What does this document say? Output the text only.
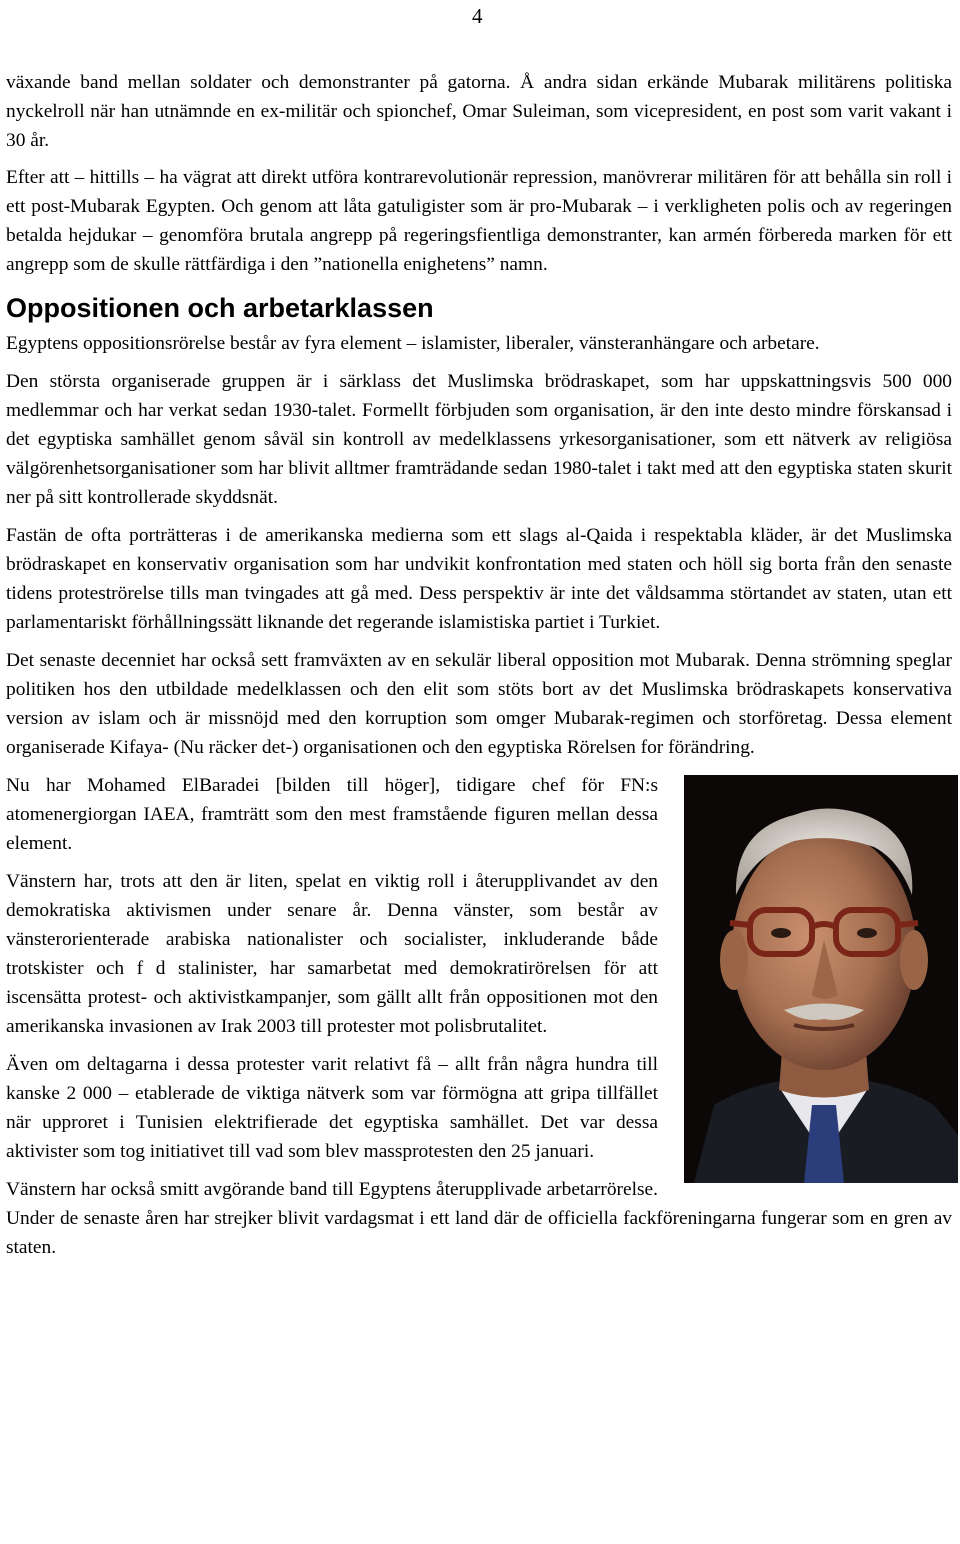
4

växande band mellan soldater och demonstranter på gatorna. Å andra sidan erkände Mubarak militärens politiska nyckelroll när han utnämnde en ex-militär och spionchef, Omar Suleiman, som vicepresident, en post som varit vakant i 30 år.

Efter att – hittills – ha vägrat att direkt utföra kontrarevolutionär repression, manövrerar militären för att behålla sin roll i ett post-Mubarak Egypten. Och genom att låta gatuligister som är pro-Mubarak – i verkligheten polis och av regeringen betalda hejdukar – genomföra brutala angrepp på regeringsfientliga demonstranter, kan armén förbereda marken för ett angrepp som de skulle rättfärdiga i den ”nationella enighetens” namn.

Oppositionen och arbetarklassen

Egyptens oppositionsrörelse består av fyra element – islamister, liberaler, vänsteranhängare och arbetare.

Den största organiserade gruppen är i särklass det Muslimska brödraskapet, som har uppskattningsvis 500 000 medlemmar och har verkat sedan 1930-talet. Formellt förbjuden som organisation, är den inte desto mindre förskansad i det egyptiska samhället genom såväl sin kontroll av medelklassens yrkesorganisationer, som ett nätverk av religiösa välgörenhetsorganisationer som har blivit alltmer framträdande sedan 1980-talet i takt med att den egyptiska staten skurit ner på sitt kontrollerade skyddsnät.

Fastän de ofta porträtteras i de amerikanska medierna som ett slags al-Qaida i respektabla kläder, är det Muslimska brödraskapet en konservativ organisation som har undvikit konfrontation med staten och höll sig borta från den senaste tidens proteströrelse tills man tvingades att gå med. Dess perspektiv är inte det våldsamma störtandet av staten, utan ett parlamentariskt förhållningssätt liknande det regerande islamistiska partiet i Turkiet.

Det senaste decenniet har också sett framväxten av en sekulär liberal opposition mot Mubarak. Denna strömning speglar politiken hos den utbildade medelklassen och den elit som stöts bort av det Muslimska brödraskapets konservativa version av islam och är missnöjd med den korruption som omger Mubarak-regimen och storföretag. Dessa element organiserade Kifaya- (Nu räcker det-) organisationen och den egyptiska Rörelsen for förändring.

Nu har Mohamed ElBaradei [bilden till höger], tidigare chef för FN:s atomenergiorgan IAEA, framträtt som den mest framstående figuren mellan dessa element.

Vänstern har, trots att den är liten, spelat en viktig roll i återupplivandet av den demokratiska aktivismen under senare år. Denna vänster, som består av vänsterorienterade arabiska nationalister och socialister, inkluderande både trotskister och f d stalinister, har samarbetat med demokratirörelsen för att iscensätta protest- och aktivistkampanjer, som gällt allt från oppositionen mot den amerikanska invasionen av Irak 2003 till protester mot polisbrutalitet.

Även om deltagarna i dessa protester varit relativt få – allt från några hundra till kanske 2 000 – etablerade de viktiga nätverk som var förmögna att gripa tillfället när upproret i Tunisien elektrifierade det egyptiska samhället. Det var dessa aktivister som tog initiativet till vad som blev massprotesten den 25 januari.

Vänstern har också smitt avgörande band till Egyptens återupplivade arbetarrörelse. Under de senaste åren har strejker blivit vardagsmat i ett land där de officiella fackföreningarna fungerar som en gren av staten.
